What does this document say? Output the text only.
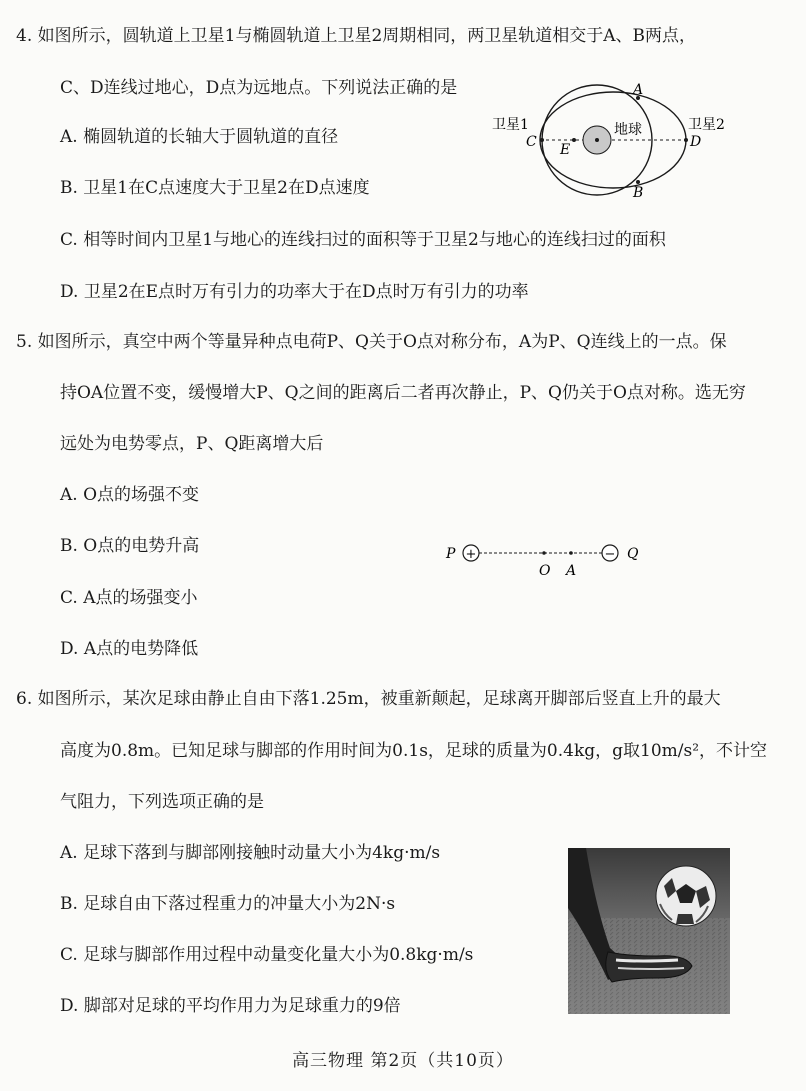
4. 如图所示，圆轨道上卫星1与椭圆轨道上卫星2周期相同，两卫星轨道相交于A、B两点，
C、D连线过地心，D点为远地点。下列说法正确的是
A. 椭圆轨道的长轴大于圆轨道的直径
B. 卫星1在C点速度大于卫星2在D点速度
C. 相等时间内卫星1与地心的连线扫过的面积等于卫星2与地心的连线扫过的面积
D. 卫星2在E点时万有引力的功率大于在D点时万有引力的功率
卫星1	卫星2
地球
C E	D
A
B
5. 如图所示，真空中两个等量异种点电荷P、Q关于O点对称分布，A为P、Q连线上的一点。保
持OA位置不变，缓慢增大P、Q之间的距离后二者再次静止，P、Q仍关于O点对称。选无穷
远处为电势零点，P、Q距离增大后
A. O点的场强不变
B. O点的电势升高
C. A点的场强变小
D. A点的电势降低
+	−
P	Q
O A
6. 如图所示，某次足球由静止自由下落1.25m，被重新颠起，足球离开脚部后竖直上升的最大
高度为0.8m。已知足球与脚部的作用时间为0.1s，足球的质量为0.4kg，g取10m/s²，不计空
气阻力，下列选项正确的是
A. 足球下落到与脚部刚接触时动量大小为4kg·m/s
B. 足球自由下落过程重力的冲量大小为2N·s
C. 足球与脚部作用过程中动量变化量大小为0.8kg·m/s
D. 脚部对足球的平均作用力为足球重力的9倍
高三物理 第2页（共10页）
